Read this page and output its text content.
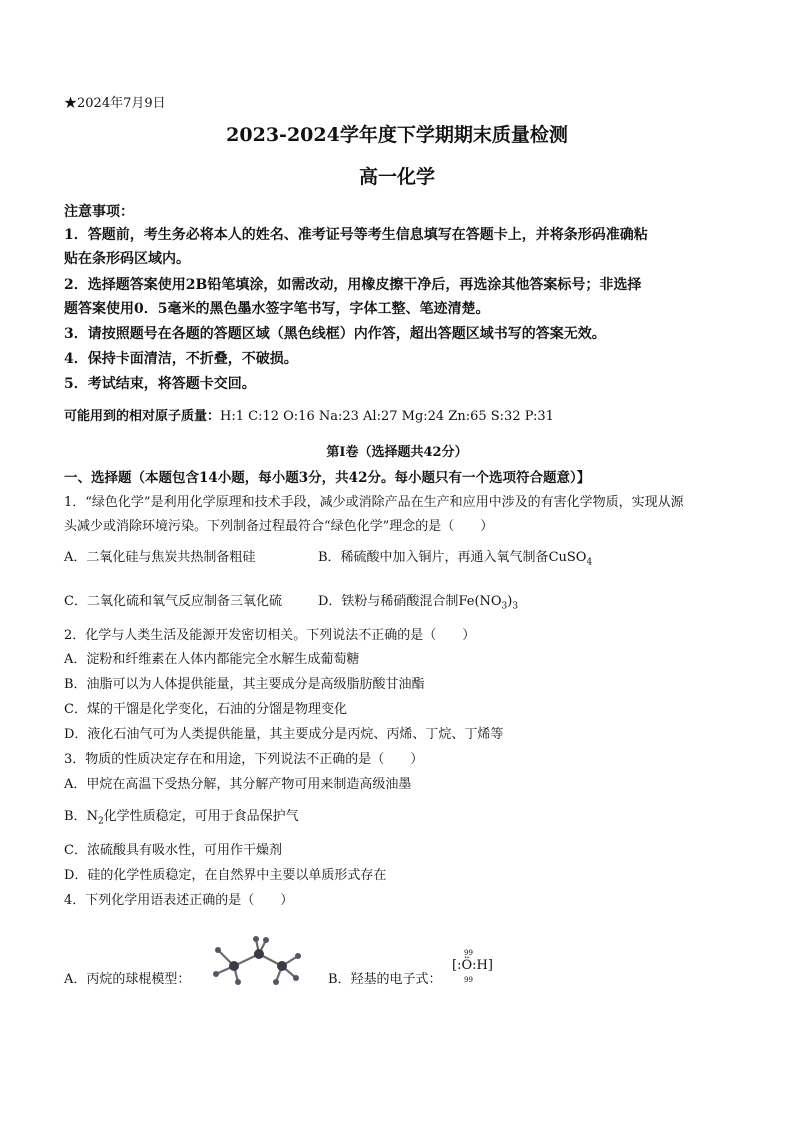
★2024年7月9日
2023-2024学年度下学期期末质量检测
高一化学
注意事项：
1．答题前，考生务必将本人的姓名、准考证号等考生信息填写在答题卡上，并将条形码准确粘
贴在条形码区域内。
2．选择题答案使用2B铅笔填涂，如需改动，用橡皮擦干净后，再选涂其他答案标号；非选择
题答案使用0．5毫米的黑色墨水签字笔书写，字体工整、笔迹清楚。
3．请按照题号在各题的答题区域（黑色线框）内作答，超出答题区域书写的答案无效。
4．保持卡面清洁，不折叠，不破损。
5．考试结束，将答题卡交回。
可能用到的相对原子质量：H:1 C:12 O:16 Na:23 Al:27 Mg:24 Zn:65 S:32 P:31
第Ⅰ卷（选择题共42分）
一、选择题（本题包含14小题，每小题3分，共42分。每小题只有一个选项符合题意）】
1．“绿色化学”是利用化学原理和技术手段，减少或消除产品在生产和应用中涉及的有害化学物质，实现从源
头减少或消除环境污染。下列制备过程最符合“绿色化学”理念的是（　　）
A．二氧化硅与焦炭共热制备粗硅	B．稀硫酸中加入铜片，再通入氧气制备CuSO$_4$
C．二氧化硫和氧气反应制备三氧化硫	D．铁粉与稀硝酸混合制$Fe(NO_3)_3$
2．化学与人类生活及能源开发密切相关。下列说法不正确的是（　　）
A．淀粉和纤维素在人体内都能完全水解生成葡萄糖
B．油脂可以为人体提供能量，其主要成分是高级脂肪酸甘油酯
C．煤的干馏是化学变化，石油的分馏是物理变化
D．液化石油气可为人类提供能量，其主要成分是丙烷、丙烯、丁烷、丁烯等
3．物质的性质决定存在和用途，下列说法不正确的是（　　）
A．甲烷在高温下受热分解，其分解产物可用来制造高级油墨
B．$N_2$化学性质稳定，可用于食品保护气
C．浓硫酸具有吸水性，可用作干燥剂
D．硅的化学性质稳定，在自然界中主要以单质形式存在
4．下列化学用语表述正确的是（　　）
A．丙烷的球棍模型：	B．羟基的电子式：
99
[:Ö:H]
99
